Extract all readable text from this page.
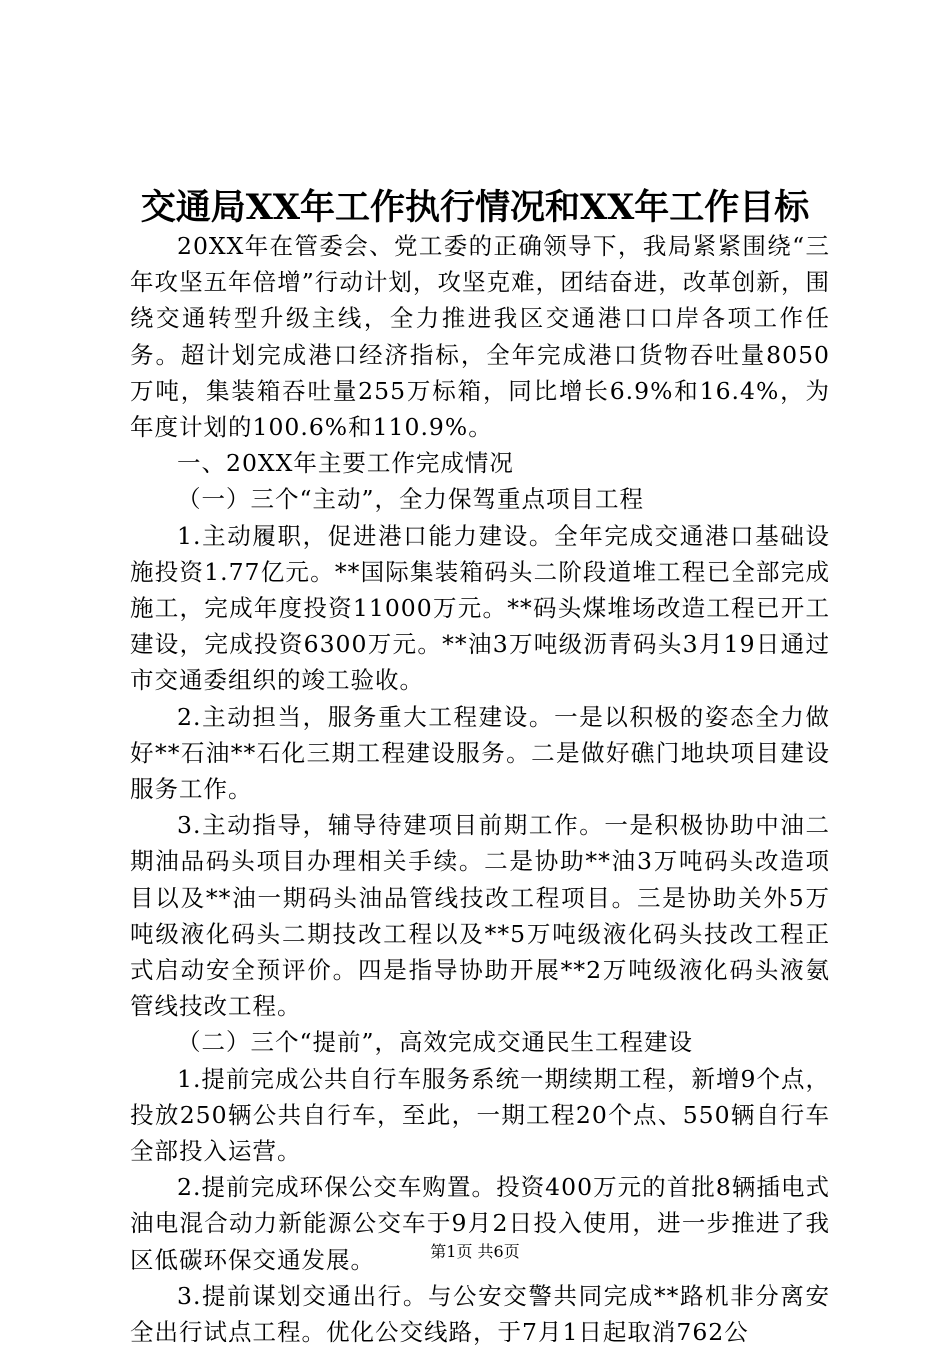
交通局XX年工作执行情况和XX年工作目标

20XX年在管委会、党工委的正确领导下，我局紧紧围绕“三年攻坚五年倍增”行动计划，攻坚克难，团结奋进，改革创新，围绕交通转型升级主线，全力推进我区交通港口口岸各项工作任务。超计划完成港口经济指标，全年完成港口货物吞吐量8050万吨，集装箱吞吐量255万标箱，同比增长6.9%和16.4%，为年度计划的100.6%和110.9%。

一、20XX年主要工作完成情况

（一）三个“主动”，全力保驾重点项目工程

1.主动履职，促进港口能力建设。全年完成交通港口基础设施投资1.77亿元。**国际集装箱码头二阶段道堆工程已全部完成施工，完成年度投资11000万元。**码头煤堆场改造工程已开工建设，完成投资6300万元。**油3万吨级沥青码头3月19日通过市交通委组织的竣工验收。

2.主动担当，服务重大工程建设。一是以积极的姿态全力做好**石油**石化三期工程建设服务。二是做好礁门地块项目建设服务工作。

3.主动指导，辅导待建项目前期工作。一是积极协助中油二期油品码头项目办理相关手续。二是协助**油3万吨码头改造项目以及**油一期码头油品管线技改工程项目。三是协助关外5万吨级液化码头二期技改工程以及**5万吨级液化码头技改工程正式启动安全预评价。四是指导协助开展**2万吨级液化码头液氨管线技改工程。

（二）三个“提前”，高效完成交通民生工程建设

1.提前完成公共自行车服务系统一期续期工程，新增9个点，投放250辆公共自行车，至此，一期工程20个点、550辆自行车全部投入运营。

2.提前完成环保公交车购置。投资400万元的首批8辆插电式油电混合动力新能源公交车于9月2日投入使用，进一步推进了我区低碳环保交通发展。

3.提前谋划交通出行。与公安交警共同完成**路机非分离安全出行试点工程。优化公交线路，于7月1日起取消762公

第1页 共6页
